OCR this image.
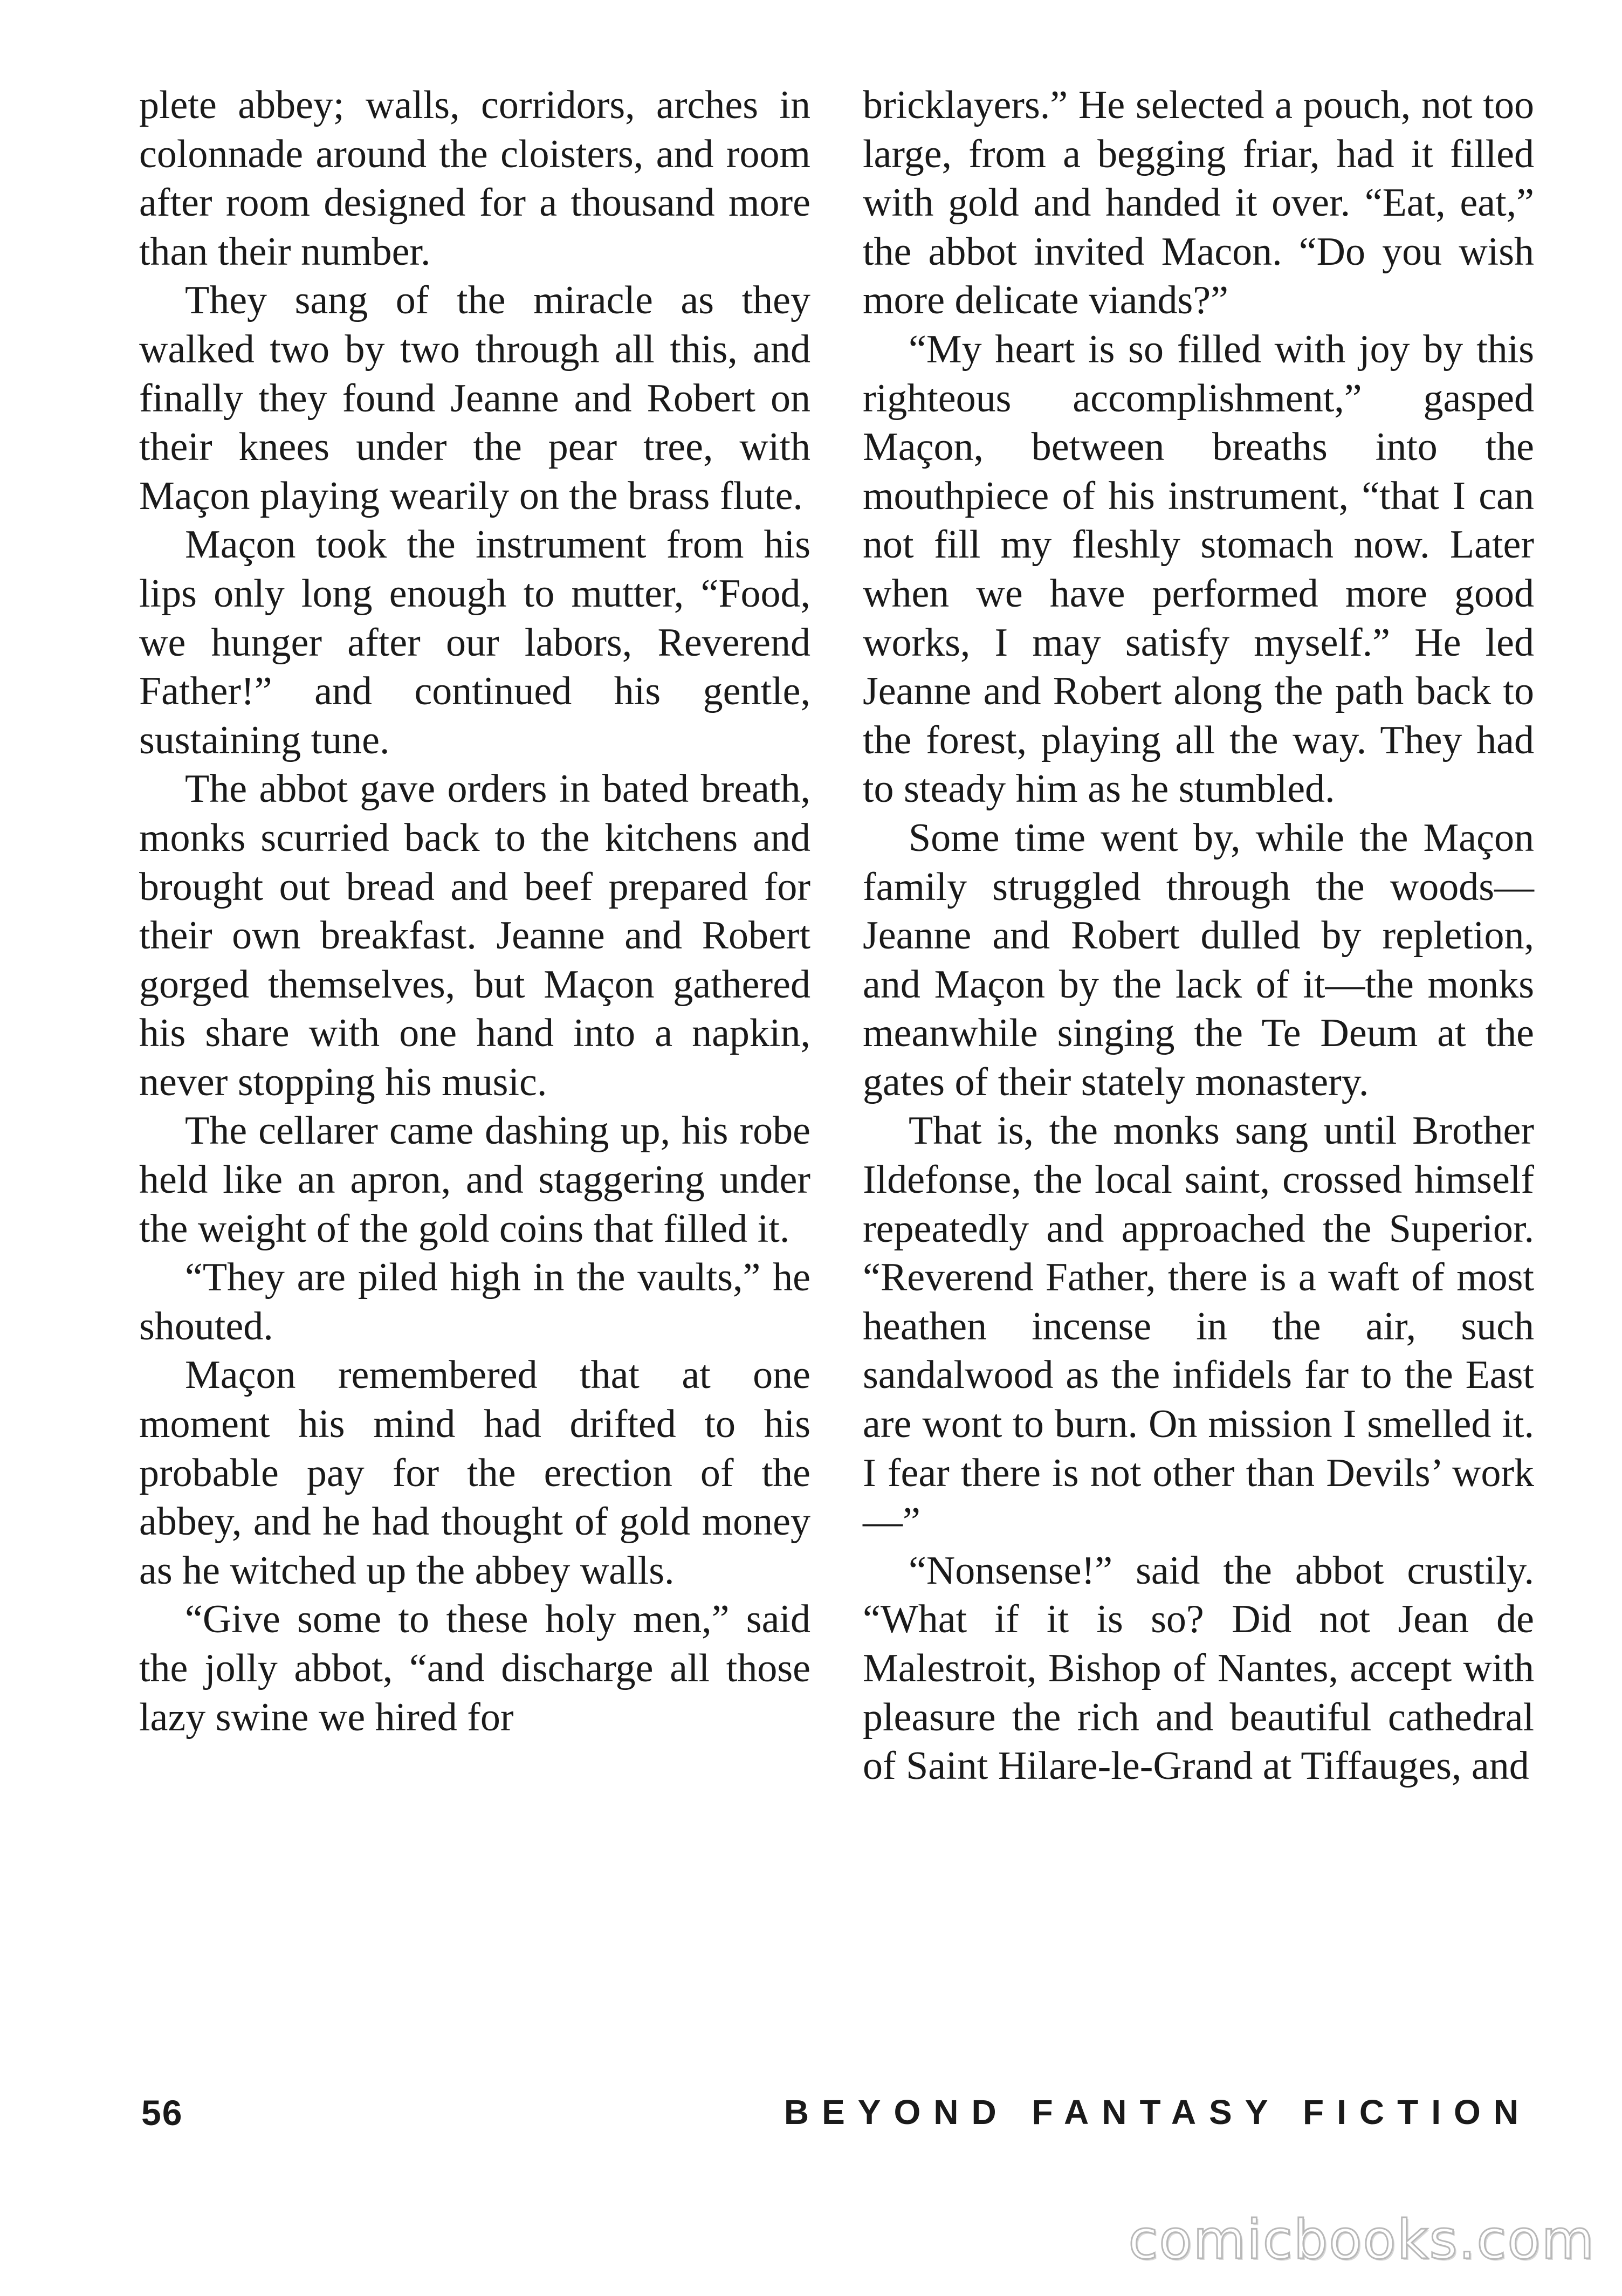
plete abbey; walls, corridors, arches in colonnade around the cloisters, and room after room designed for a thousand more than their number.

They sang of the miracle as they walked two by two through all this, and finally they found Jeanne and Robert on their knees under the pear tree, with Maçon playing wearily on the brass flute.

Maçon took the instrument from his lips only long enough to mutter, “Food, we hunger after our labors, Reverend Father!” and continued his gentle, sustaining tune.

The abbot gave orders in bated breath, monks scurried back to the kitchens and brought out bread and beef prepared for their own breakfast. Jeanne and Robert gorged themselves, but Maçon gathered his share with one hand into a napkin, never stopping his music.

The cellarer came dashing up, his robe held like an apron, and staggering under the weight of the gold coins that filled it.

“They are piled high in the vaults,” he shouted.

Maçon remembered that at one moment his mind had drifted to his probable pay for the erection of the abbey, and he had thought of gold money as he witched up the abbey walls.

“Give some to these holy men,” said the jolly abbot, “and discharge all those lazy swine we hired for

bricklayers.” He selected a pouch, not too large, from a begging friar, had it filled with gold and handed it over. “Eat, eat,” the abbot invited Macon. “Do you wish more delicate viands?”

“My heart is so filled with joy by this righteous accomplishment,” gasped Maçon, between breaths into the mouthpiece of his instrument, “that I can not fill my fleshly stomach now. Later when we have performed more good works, I may satisfy myself.” He led Jeanne and Robert along the path back to the forest, playing all the way. They had to steady him as he stumbled.

Some time went by, while the Maçon family struggled through the woods—Jeanne and Robert dulled by repletion, and Maçon by the lack of it—the monks meanwhile singing the Te Deum at the gates of their stately monastery.

That is, the monks sang until Brother Ildefonse, the local saint, crossed himself repeatedly and approached the Superior. “Reverend Father, there is a waft of most heathen incense in the air, such sandalwood as the infidels far to the East are wont to burn. On mission I smelled it. I fear there is not other than Devils’ work—”

“Nonsense!” said the abbot crustily. “What if it is so? Did not Jean de Malestroit, Bishop of Nantes, accept with pleasure the rich and beautiful cathedral of Saint Hilare-le-Grand at Tiffauges, and

56	BEYOND FANTASY FICTION
comicbooks.com
